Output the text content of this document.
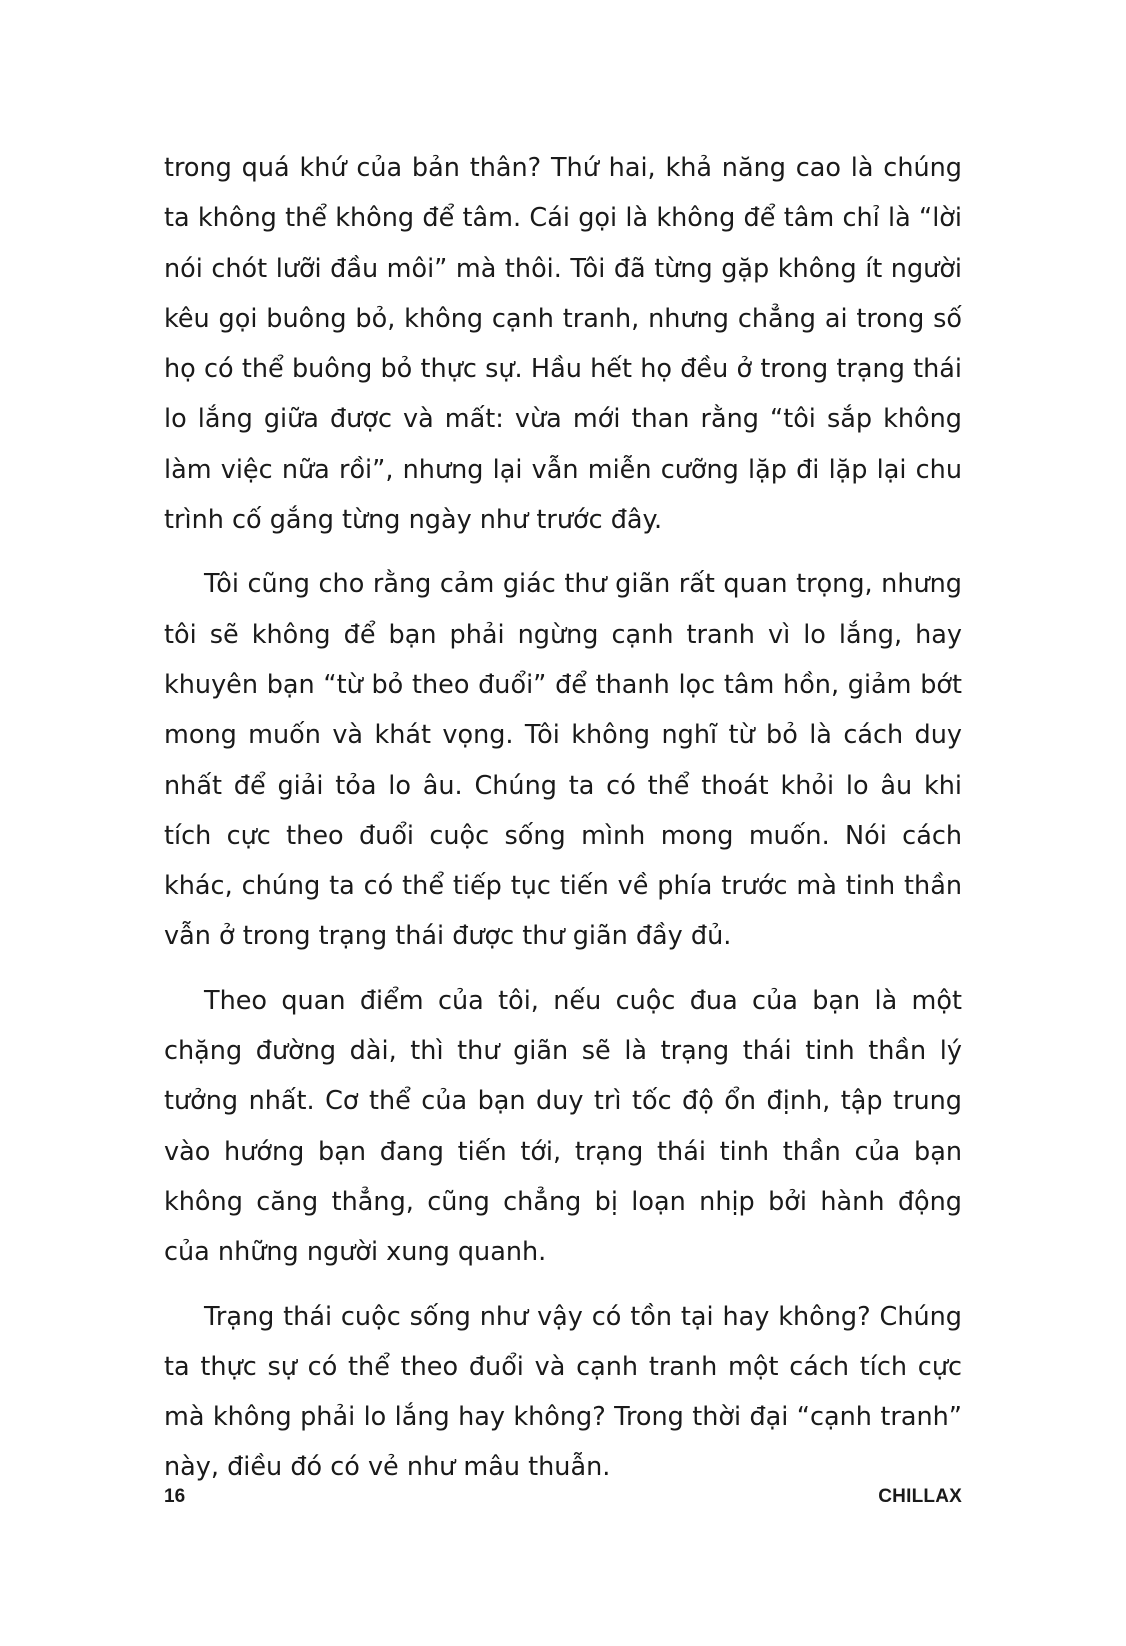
trong quá khứ của bản thân? Thứ hai, khả năng cao là chúng ta không thể không để tâm. Cái gọi là không để tâm chỉ là “lời nói chót lưỡi đầu môi” mà thôi. Tôi đã từng gặp không ít người kêu gọi buông bỏ, không cạnh tranh, nhưng chẳng ai trong số họ có thể buông bỏ thực sự. Hầu hết họ đều ở trong trạng thái lo lắng giữa được và mất: vừa mới than rằng “tôi sắp không làm việc nữa rồi”, nhưng lại vẫn miễn cưỡng lặp đi lặp lại chu trình cố gắng từng ngày như trước đây.

Tôi cũng cho rằng cảm giác thư giãn rất quan trọng, nhưng tôi sẽ không để bạn phải ngừng cạnh tranh vì lo lắng, hay khuyên bạn “từ bỏ theo đuổi” để thanh lọc tâm hồn, giảm bớt mong muốn và khát vọng. Tôi không nghĩ từ bỏ là cách duy nhất để giải tỏa lo âu. Chúng ta có thể thoát khỏi lo âu khi tích cực theo đuổi cuộc sống mình mong muốn. Nói cách khác, chúng ta có thể tiếp tục tiến về phía trước mà tinh thần vẫn ở trong trạng thái được thư giãn đầy đủ.

Theo quan điểm của tôi, nếu cuộc đua của bạn là một chặng đường dài, thì thư giãn sẽ là trạng thái tinh thần lý tưởng nhất. Cơ thể của bạn duy trì tốc độ ổn định, tập trung vào hướng bạn đang tiến tới, trạng thái tinh thần của bạn không căng thẳng, cũng chẳng bị loạn nhịp bởi hành động của những người xung quanh.

Trạng thái cuộc sống như vậy có tồn tại hay không? Chúng ta thực sự có thể theo đuổi và cạnh tranh một cách tích cực mà không phải lo lắng hay không? Trong thời đại “cạnh tranh” này, điều đó có vẻ như mâu thuẫn.

16	CHILLAX
